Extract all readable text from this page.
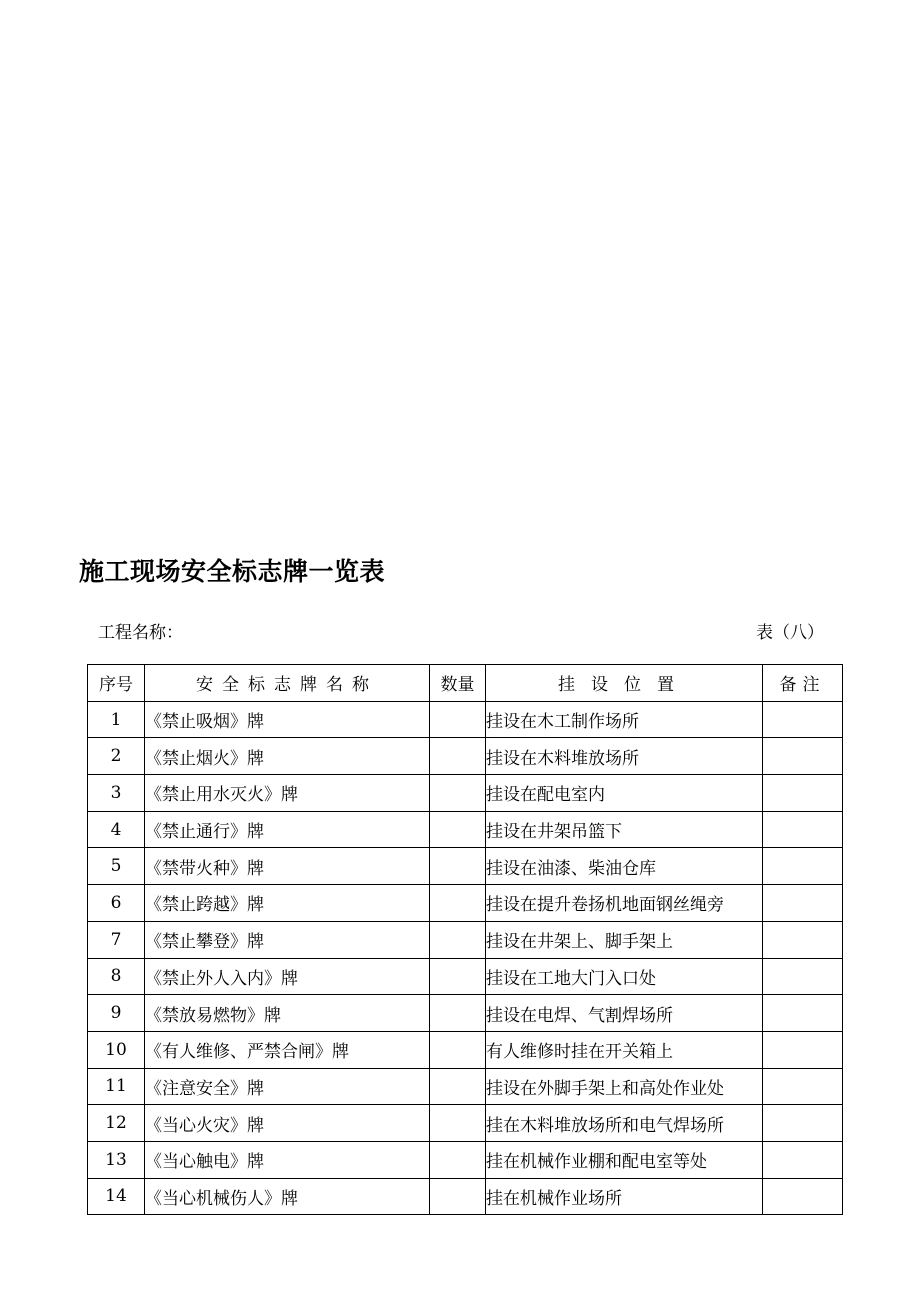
施工现场安全标志牌一览表
工程名称：	表（八）
序号	安全标志牌名称	数量	挂设位置	备注
1	《禁止吸烟》牌		挂设在木工制作场所	
2	《禁止烟火》牌		挂设在木料堆放场所	
3	《禁止用水灭火》牌		挂设在配电室内	
4	《禁止通行》牌		挂设在井架吊篮下	
5	《禁带火种》牌		挂设在油漆、柴油仓库	
6	《禁止跨越》牌		挂设在提升卷扬机地面钢丝绳旁	
7	《禁止攀登》牌		挂设在井架上、脚手架上	
8	《禁止外人入内》牌		挂设在工地大门入口处	
9	《禁放易燃物》牌		挂设在电焊、气割焊场所	
10	《有人维修、严禁合闸》牌		有人维修时挂在开关箱上	
11	《注意安全》牌		挂设在外脚手架上和高处作业处	
12	《当心火灾》牌		挂在木料堆放场所和电气焊场所	
13	《当心触电》牌		挂在机械作业棚和配电室等处	
14	《当心机械伤人》牌		挂在机械作业场所	
